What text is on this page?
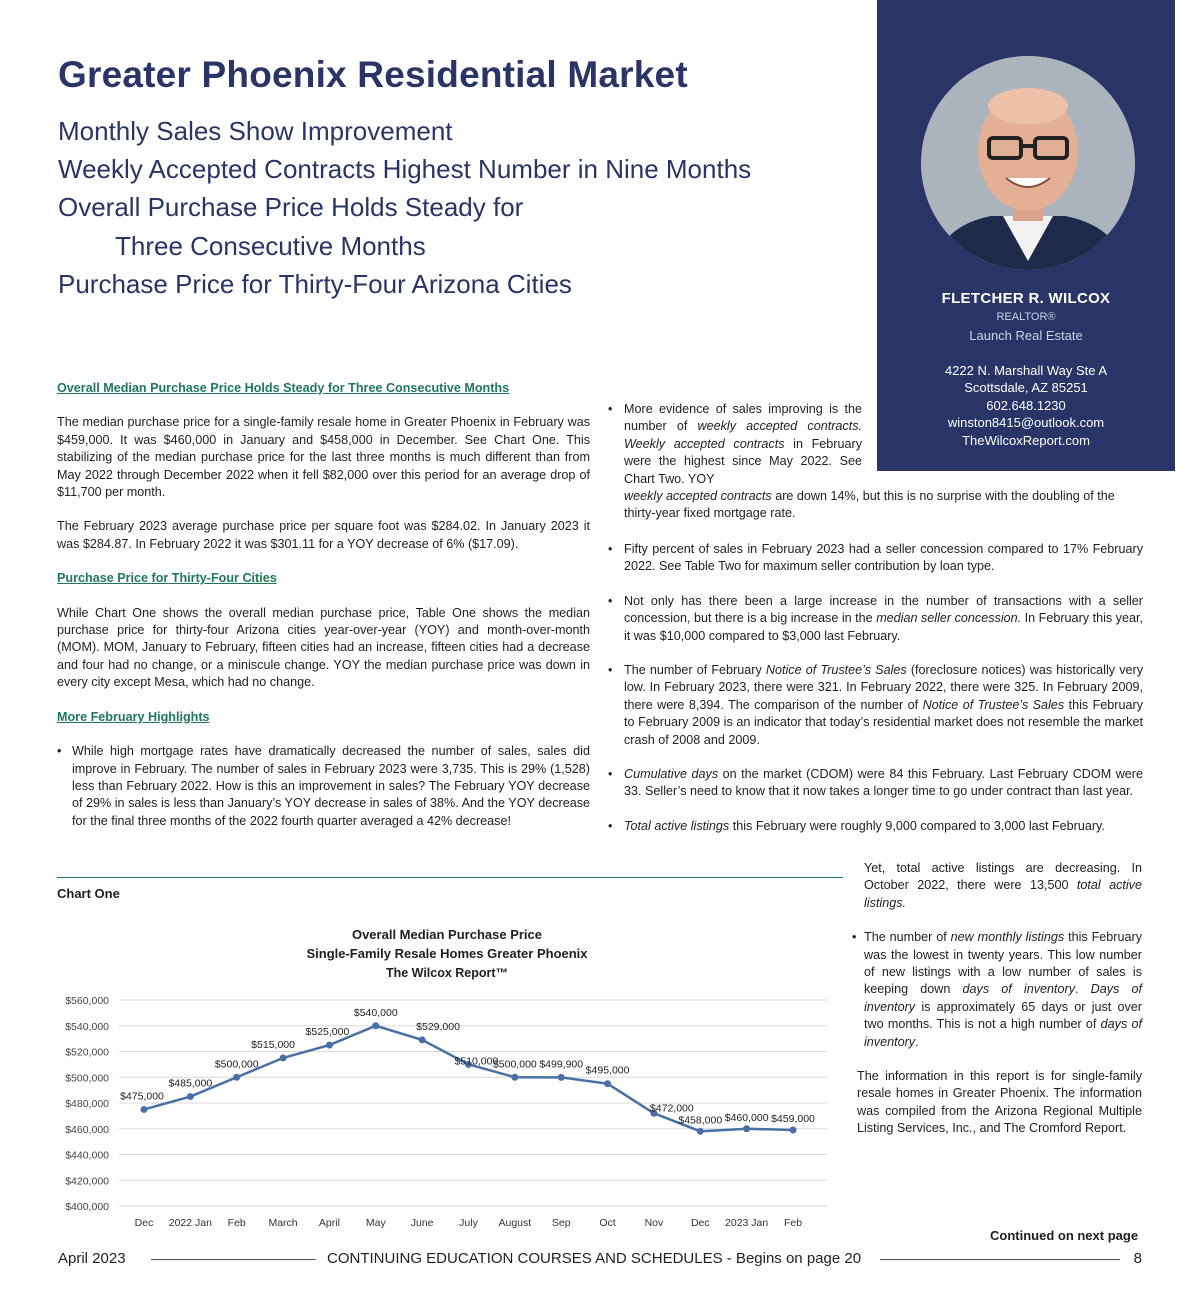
FLETCHER R. WILCOX
REALTOR®
Launch Real Estate
4222 N. Marshall Way Ste A
Scottsdale, AZ 85251
602.648.1230
winston8415@outlook.com
TheWilcoxReport.com
Greater Phoenix Residential Market
Monthly Sales Show Improvement
Weekly Accepted Contracts Highest Number in Nine Months
Overall Purchase Price Holds Steady for
Three Consecutive Months
Purchase Price for Thirty-Four Arizona Cities
Overall Median Purchase Price Holds Steady for Three Consecutive Months

The median purchase price for a single-family resale home in Greater Phoenix in February was $459,000. It was $460,000 in January and $458,000 in December. See Chart One. This stabilizing of the median purchase price for the last three months is much different than from May 2022 through December 2022 when it fell $82,000 over this period for an average drop of $11,700 per month.

The February 2023 average purchase price per square foot was $284.02. In January 2023 it was $284.87. In February 2022 it was $301.11 for a YOY decrease of 6% ($17.09).

Purchase Price for Thirty-Four Cities

While Chart One shows the overall median purchase price, Table One shows the median purchase price for thirty-four Arizona cities year-over-year (YOY) and month-over-month (MOM). MOM, January to February, fifteen cities had an increase, fifteen cities had a decrease and four had no change, or a miniscule change. YOY the median purchase price was down in every city except Mesa, which had no change.

More February Highlights
• While high mortgage rates have dramatically decreased the number of sales, sales did improve in February. The number of sales in February 2023 were 3,735. This is 29% (1,528) less than February 2022. How is this an improvement in sales? The February YOY decrease of 29% in sales is less than January’s YOY decrease in sales of 38%. And the YOY decrease for the final three months of the 2022 fourth quarter averaged a 42% decrease!
• More evidence of sales improving is the number of weekly accepted contracts. Weekly accepted contracts in February were the highest since May 2022. See Chart Two. YOY
weekly accepted contracts are down 14%, but this is no surprise with the doubling of the thirty-year fixed mortgage rate.
• Fifty percent of sales in February 2023 had a seller concession compared to 17% February 2022. See Table Two for maximum seller contribution by loan type.
• Not only has there been a large increase in the number of transactions with a seller concession, but there is a big increase in the median seller concession. In February this year, it was $10,000 compared to $3,000 last February.
• The number of February Notice of Trustee’s Sales (foreclosure notices) was historically very low. In February 2023, there were 321. In February 2022, there were 325. In February 2009, there were 8,394. The comparison of the number of Notice of Trustee’s Sales this February to February 2009 is an indicator that today’s residential market does not resemble the market crash of 2008 and 2009.
• Cumulative days on the market (CDOM) were 84 this February. Last February CDOM were 33. Seller’s need to know that it now takes a longer time to go under contract than last year.
• Total active listings this February were roughly 9,000 compared to 3,000 last February.
Yet, total active listings are decreasing. In October 2022, there were 13,500 total active listings.
• The number of new monthly listings this February was the lowest in twenty years. This low number of new listings with a low number of sales is keeping down days of inventory. Days of inventory is approximately 65 days or just over two months. This is not a high number of days of inventory.

The information in this report is for single-family resale homes in Greater Phoenix. The information was compiled from the Arizona Regional Multiple Listing Services, Inc., and The Cromford Report.

Chart One
Overall Median Purchase Price
Single-Family Resale Homes Greater Phoenix
The Wilcox Report™
$400,000
$420,000
$440,000
$460,000
$480,000
$500,000
$520,000
$540,000
$560,000
Dec 2022 Jan Feb March April May June July August Sep	Oct	Nov	Dec 2023 Jan Feb
$475,000
$485,000
$500,000
$515,000
$525,000
$540,000
$529,000
$510,000
$500,000 $499,900
$495,000
$472,000
$458,000 $460,000 $459,000
Continued on next page
April 2023	CONTINUING EDUCATION COURSES AND SCHEDULES - Begins on page 20	8
